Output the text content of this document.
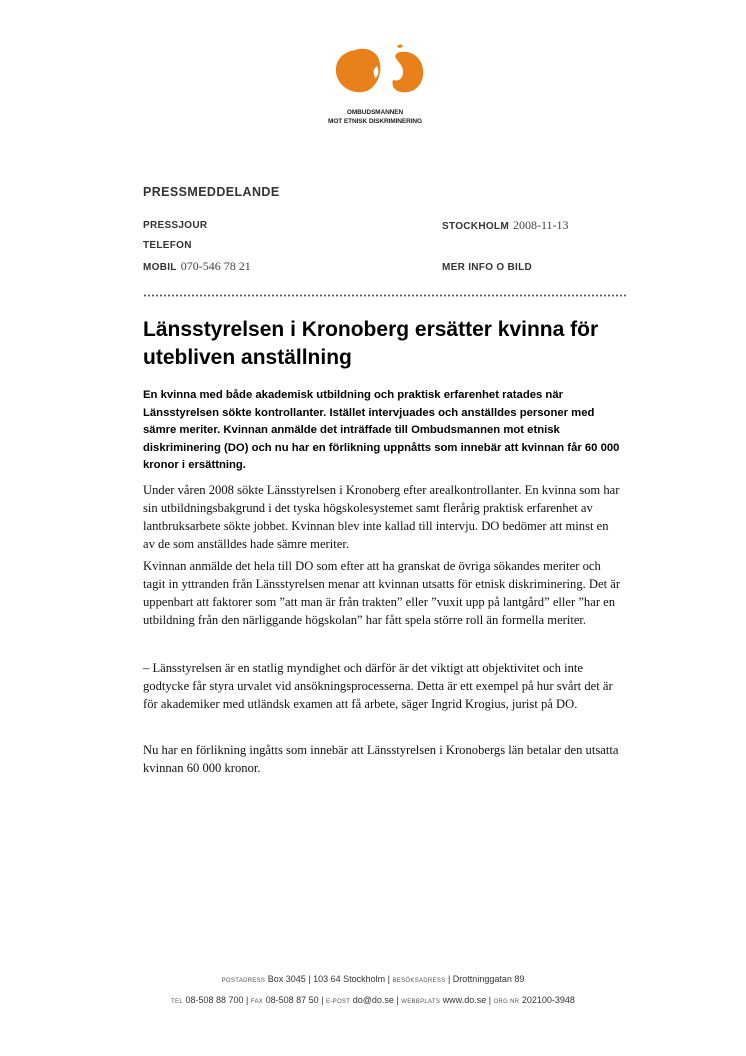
OMBUDSMANNEN
MOT ETNISK DISKRIMINERING
PRESSMEDDELANDE
PRESSJOUR
TELEFON
MOBIL 070-546 78 21
STOCKHOLM 2008-11-13
MER INFO O BILD
Länsstyrelsen i Kronoberg ersätter kvinna för utebliven anställning
En kvinna med både akademisk utbildning och praktisk erfarenhet ratades när Länsstyrelsen sökte kontrollanter. Istället intervjuades och anställdes personer med sämre meriter. Kvinnan anmälde det inträffade till Ombudsmannen mot etnisk diskriminering (DO) och nu har en förlikning uppnåtts som innebär att kvinnan får 60 000 kronor i ersättning.
Under våren 2008 sökte Länsstyrelsen i Kronoberg efter arealkontrollanter. En kvinna som har sin utbildningsbakgrund i det tyska högskolesystemet samt flerårig praktisk erfarenhet av lantbruksarbete sökte jobbet. Kvinnan blev inte kallad till intervju. DO bedömer att minst en av de som anställdes hade sämre meriter.
Kvinnan anmälde det hela till DO som efter att ha granskat de övriga sökandes meriter och tagit in yttranden från Länsstyrelsen menar att kvinnan utsatts för etnisk diskriminering. Det är uppenbart att faktorer som ”att man är från trakten” eller ”vuxit upp på lantgård” eller ”har en utbildning från den närliggande högskolan” har fått spela större roll än formella meriter.
– Länsstyrelsen är en statlig myndighet och därför är det viktigt att objektivitet och inte godtycke får styra urvalet vid ansökningsprocesserna. Detta är ett exempel på hur svårt det är för akademiker med utländsk examen att få arbete, säger Ingrid Krogius, jurist på DO.
Nu har en förlikning ingåtts som innebär att Länsstyrelsen i Kronobergs län betalar den utsatta kvinnan 60 000 kronor.
POSTADRESS Box 3045 | 103 64 Stockholm | BESÖKSADRESS | Drottninggatan 89
TEL 08-508 88 700 | FAX 08-508 87 50 | E-POST do@do.se | WEBBPLATS www.do.se | ORG NR 202100-3948
